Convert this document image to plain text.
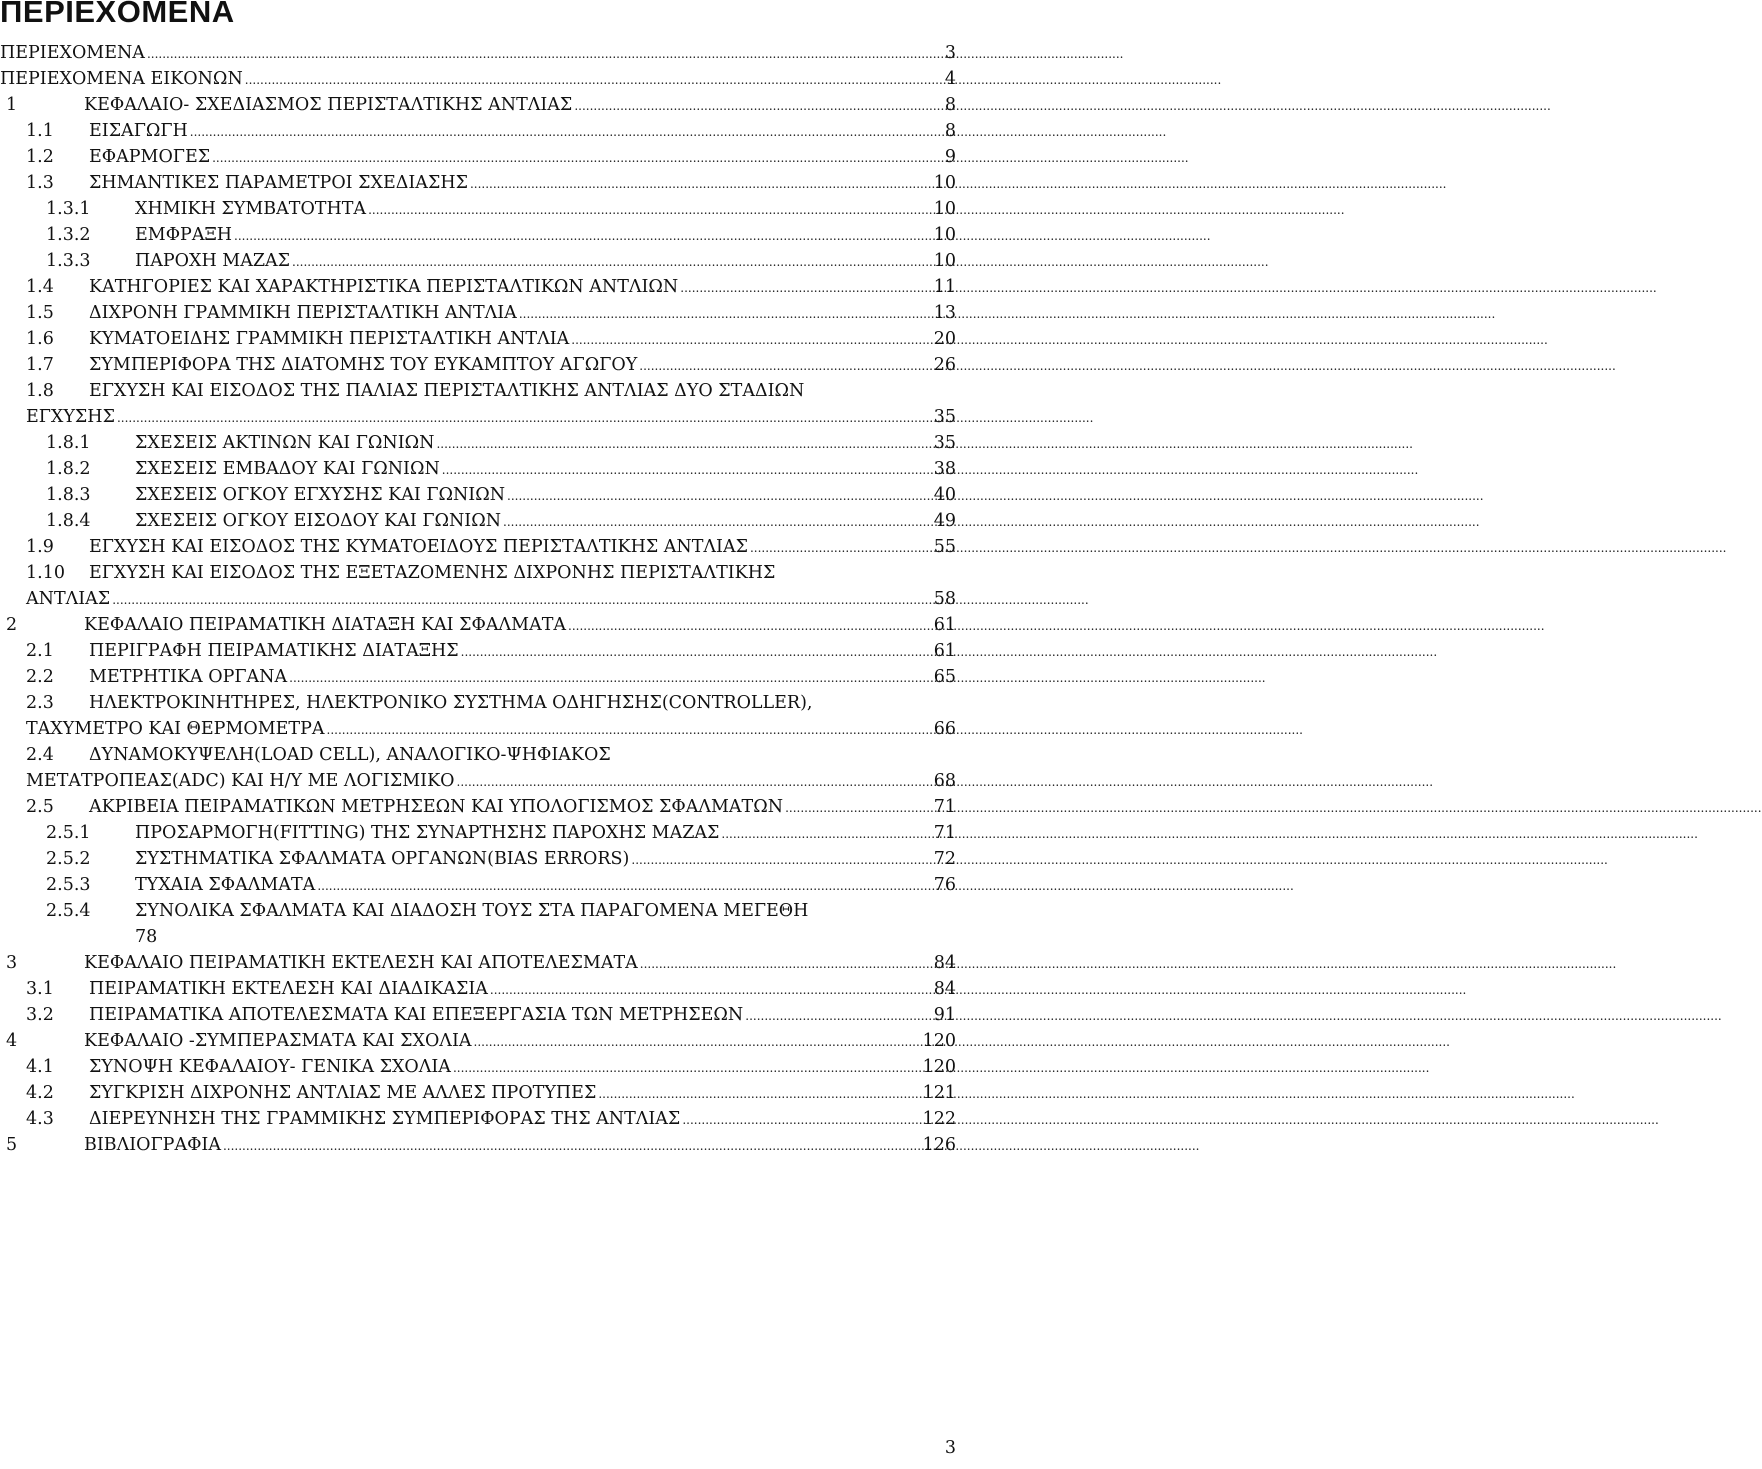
ΠΕΡΙΕΧΟΜΕΝΑ
ΠΕΡΙΕΧΟΜΕΝΑ .....	3
ΠΕΡΙΕΧΟΜΕΝΑ ΕΙΚΟΝΩΝ .....	4
1	ΚΕΦΑΛΑΙΟ- ΣΧΕΔΙΑΣΜΟΣ ΠΕΡΙΣΤΑΛΤΙΚΗΣ ΑΝΤΛΙΑΣ .....	8
1.1	ΕΙΣΑΓΩΓΗ .....	8
1.2	ΕΦΑΡΜΟΓΕΣ .....	9
1.3	ΣΗΜΑΝΤΙΚΕΣ ΠΑΡΑΜΕΤΡΟΙ ΣΧΕΔΙΑΣΗΣ .....	10
1.3.1	ΧΗΜΙΚΗ ΣΥΜΒΑΤΟΤΗΤΑ .....	10
1.3.2	ΕΜΦΡΑΞΗ .....	10
1.3.3	ΠΑΡΟΧΗ ΜΑΖΑΣ .....	10
1.4	ΚΑΤΗΓΟΡΙΕΣ ΚΑΙ ΧΑΡΑΚΤΗΡΙΣΤΙΚΑ ΠΕΡΙΣΤΑΛΤΙΚΩΝ ΑΝΤΛΙΩΝ .....	11
1.5	ΔΙΧΡΟΝΗ ΓΡΑΜΜΙΚΗ ΠΕΡΙΣΤΑΛΤΙΚΗ ΑΝΤΛΙΑ .....	13
1.6	ΚΥΜΑΤΟΕΙΔΗΣ ΓΡΑΜΜΙΚΗ ΠΕΡΙΣΤΑΛΤΙΚΗ ΑΝΤΛΙΑ .....	20
1.7	ΣΥΜΠΕΡΙΦΟΡΑ ΤΗΣ ΔΙΑΤΟΜΗΣ ΤΟΥ ΕΥΚΑΜΠΤΟΥ ΑΓΩΓΟΥ .....	26
1.8	ΕΓΧΥΣΗ ΚΑΙ ΕΙΣΟΔΟΣ ΤΗΣ ΠΑΛΙΑΣ ΠΕΡΙΣΤΑΛΤΙΚΗΣ ΑΝΤΛΙΑΣ ΔΥΟ ΣΤΑΔΙΩΝ
ΕΓΧΥΣΗΣ .....	35
1.8.1	ΣΧΕΣΕΙΣ ΑΚΤΙΝΩΝ ΚΑΙ ΓΩΝΙΩΝ .....	35
1.8.2	ΣΧΕΣΕΙΣ ΕΜΒΑΔΟΥ ΚΑΙ ΓΩΝΙΩΝ .....	38
1.8.3	ΣΧΕΣΕΙΣ ΟΓΚΟΥ ΕΓΧΥΣΗΣ ΚΑΙ ΓΩΝΙΩΝ .....	40
1.8.4	ΣΧΕΣΕΙΣ ΟΓΚΟΥ ΕΙΣΟΔΟΥ ΚΑΙ ΓΩΝΙΩΝ .....	49
1.9	ΕΓΧΥΣΗ ΚΑΙ ΕΙΣΟΔΟΣ ΤΗΣ ΚΥΜΑΤΟΕΙΔΟΥΣ ΠΕΡΙΣΤΑΛΤΙΚΗΣ ΑΝΤΛΙΑΣ .....	55
1.10	ΕΓΧΥΣΗ ΚΑΙ ΕΙΣΟΔΟΣ ΤΗΣ ΕΞΕΤΑΖΟΜΕΝΗΣ ΔΙΧΡΟΝΗΣ ΠΕΡΙΣΤΑΛΤΙΚΗΣ
ΑΝΤΛΙΑΣ .....	58
2	ΚΕΦΑΛΑΙΟ ΠΕΙΡΑΜΑΤΙΚΗ ΔΙΑΤΑΞΗ ΚΑΙ ΣΦΑΛΜΑΤΑ .....	61
2.1	ΠΕΡΙΓΡΑΦΗ ΠΕΙΡΑΜΑΤΙΚΗΣ ΔΙΑΤΑΞΗΣ .....	61
2.2	ΜΕΤΡΗΤΙΚΑ ΟΡΓΑΝΑ .....	65
2.3	ΗΛΕΚΤΡΟΚΙΝΗΤΗΡΕΣ, ΗΛΕΚΤΡΟΝΙΚΟ ΣΥΣΤΗΜΑ ΟΔΗΓΗΣΗΣ(CONTROLLER),
ΤΑΧΥΜΕΤΡΟ ΚΑΙ ΘΕΡΜΟΜΕΤΡΑ .....	66
2.4	ΔΥΝΑΜΟΚΥΨΕΛΗ(LOAD CELL), ΑΝΑΛΟΓΙΚΟ-ΨΗΦΙΑΚΟΣ
ΜΕΤΑΤΡΟΠΕΑΣ(ADC) ΚΑΙ Η/Υ ΜΕ ΛΟΓΙΣΜΙΚΟ .....	68
2.5	ΑΚΡΙΒΕΙΑ ΠΕΙΡΑΜΑΤΙΚΩΝ ΜΕΤΡΗΣΕΩΝ ΚΑΙ ΥΠΟΛΟΓΙΣΜΟΣ ΣΦΑΛΜΑΤΩΝ .....	71
2.5.1	ΠΡΟΣΑΡΜΟΓΗ(FITTING) ΤΗΣ ΣΥΝΑΡΤΗΣΗΣ ΠΑΡΟΧΗΣ ΜΑΖΑΣ .....	71
2.5.2	ΣΥΣΤΗΜΑΤΙΚΑ ΣΦΑΛΜΑΤΑ ΟΡΓΑΝΩΝ(BIAS ERRORS) .....	72
2.5.3	ΤΥΧΑΙΑ ΣΦΑΛΜΑΤΑ .....	76
2.5.4	ΣΥΝΟΛΙΚΑ ΣΦΑΛΜΑΤΑ ΚΑΙ ΔΙΑΔΟΣΗ ΤΟΥΣ ΣΤΑ ΠΑΡΑΓΟΜΕΝΑ ΜΕΓΕΘΗ
78
3	ΚΕΦΑΛΑΙΟ ΠΕΙΡΑΜΑΤΙΚΗ ΕΚΤΕΛΕΣΗ ΚΑΙ ΑΠΟΤΕΛΕΣΜΑΤΑ .....	84
3.1	ΠΕΙΡΑΜΑΤΙΚΗ ΕΚΤΕΛΕΣΗ ΚΑΙ ΔΙΑΔΙΚΑΣΙΑ .....	84
3.2	ΠΕΙΡΑΜΑΤΙΚΑ ΑΠΟΤΕΛΕΣΜΑΤΑ ΚΑΙ ΕΠΕΞΕΡΓΑΣΙΑ ΤΩΝ ΜΕΤΡΗΣΕΩΝ .....	91
4	ΚΕΦΑΛΑΙΟ -ΣΥΜΠΕΡΑΣΜΑΤΑ ΚΑΙ ΣΧΟΛΙΑ .....	120
4.1	ΣΥΝΟΨΗ ΚΕΦΑΛΑΙΟΥ- ΓΕΝΙΚΑ ΣΧΟΛΙΑ .....	120
4.2	ΣΥΓΚΡΙΣΗ ΔΙΧΡΟΝΗΣ ΑΝΤΛΙΑΣ ΜΕ ΑΛΛΕΣ ΠΡΟΤΥΠΕΣ .....	121
4.3	ΔΙΕΡΕΥΝΗΣΗ ΤΗΣ ΓΡΑΜΜΙΚΗΣ ΣΥΜΠΕΡΙΦΟΡΑΣ ΤΗΣ ΑΝΤΛΙΑΣ .....	122
5	ΒΙΒΛΙΟΓΡΑΦΙΑ .....	126
3
